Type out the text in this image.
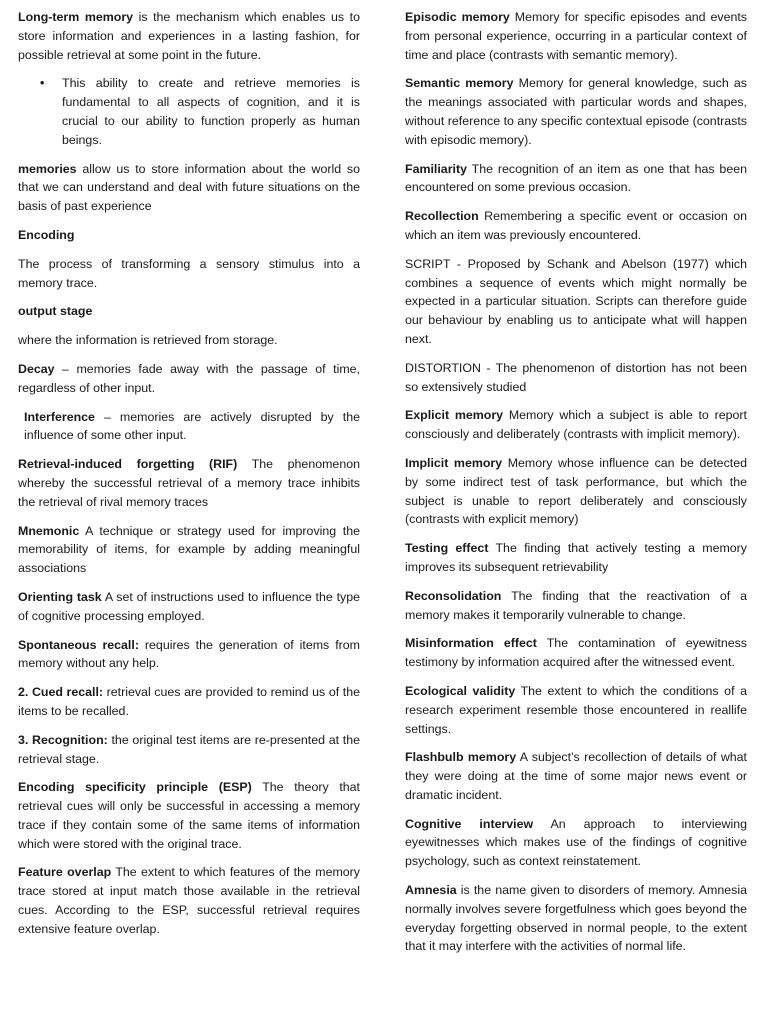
Long-term memory is the mechanism which enables us to store information and experiences in a lasting fashion, for possible retrieval at some point in the future.

• This ability to create and retrieve memories is fundamental to all aspects of cognition, and it is crucial to our ability to function properly as human beings.

memories allow us to store information about the world so that we can understand and deal with future situations on the basis of past experience

Encoding

The process of transforming a sensory stimulus into a memory trace.

output stage

where the information is retrieved from storage.

Decay – memories fade away with the passage of time, regardless of other input.

Interference – memories are actively disrupted by the influence of some other input.

Retrieval-induced forgetting (RIF) The phenomenon whereby the successful retrieval of a memory trace inhibits the retrieval of rival memory traces

Mnemonic A technique or strategy used for improving the memorability of items, for example by adding meaningful associations

Orienting task A set of instructions used to influence the type of cognitive processing employed.

Spontaneous recall: requires the generation of items from memory without any help.

2. Cued recall: retrieval cues are provided to remind us of the items to be recalled.

3. Recognition: the original test items are re-presented at the retrieval stage.

Encoding specificity principle (ESP) The theory that retrieval cues will only be successful in accessing a memory trace if they contain some of the same items of information which were stored with the original trace.

Feature overlap The extent to which features of the memory trace stored at input match those available in the retrieval cues. According to the ESP, successful retrieval requires extensive feature overlap.

Episodic memory Memory for specific episodes and events from personal experience, occurring in a particular context of time and place (contrasts with semantic memory).

Semantic memory Memory for general knowledge, such as the meanings associated with particular words and shapes, without reference to any specific contextual episode (contrasts with episodic memory).

Familiarity The recognition of an item as one that has been encountered on some previous occasion.

Recollection Remembering a specific event or occasion on which an item was previously encountered.

SCRIPT - Proposed by Schank and Abelson (1977) which combines a sequence of events which might normally be expected in a particular situation. Scripts can therefore guide our behaviour by enabling us to anticipate what will happen next.

DISTORTION - The phenomenon of distortion has not been so extensively studied

Explicit memory Memory which a subject is able to report consciously and deliberately (contrasts with implicit memory).

Implicit memory Memory whose influence can be detected by some indirect test of task performance, but which the subject is unable to report deliberately and consciously (contrasts with explicit memory)

Testing effect The finding that actively testing a memory improves its subsequent retrievability

Reconsolidation The finding that the reactivation of a memory makes it temporarily vulnerable to change.

Misinformation effect The contamination of eyewitness testimony by information acquired after the witnessed event.

Ecological validity The extent to which the conditions of a research experiment resemble those encountered in reallife settings.

Flashbulb memory A subject’s recollection of details of what they were doing at the time of some major news event or dramatic incident.

Cognitive interview An approach to interviewing eyewitnesses which makes use of the findings of cognitive psychology, such as context reinstatement.

Amnesia is the name given to disorders of memory. Amnesia normally involves severe forgetfulness which goes beyond the everyday forgetting observed in normal people, to the extent that it may interfere with the activities of normal life.
